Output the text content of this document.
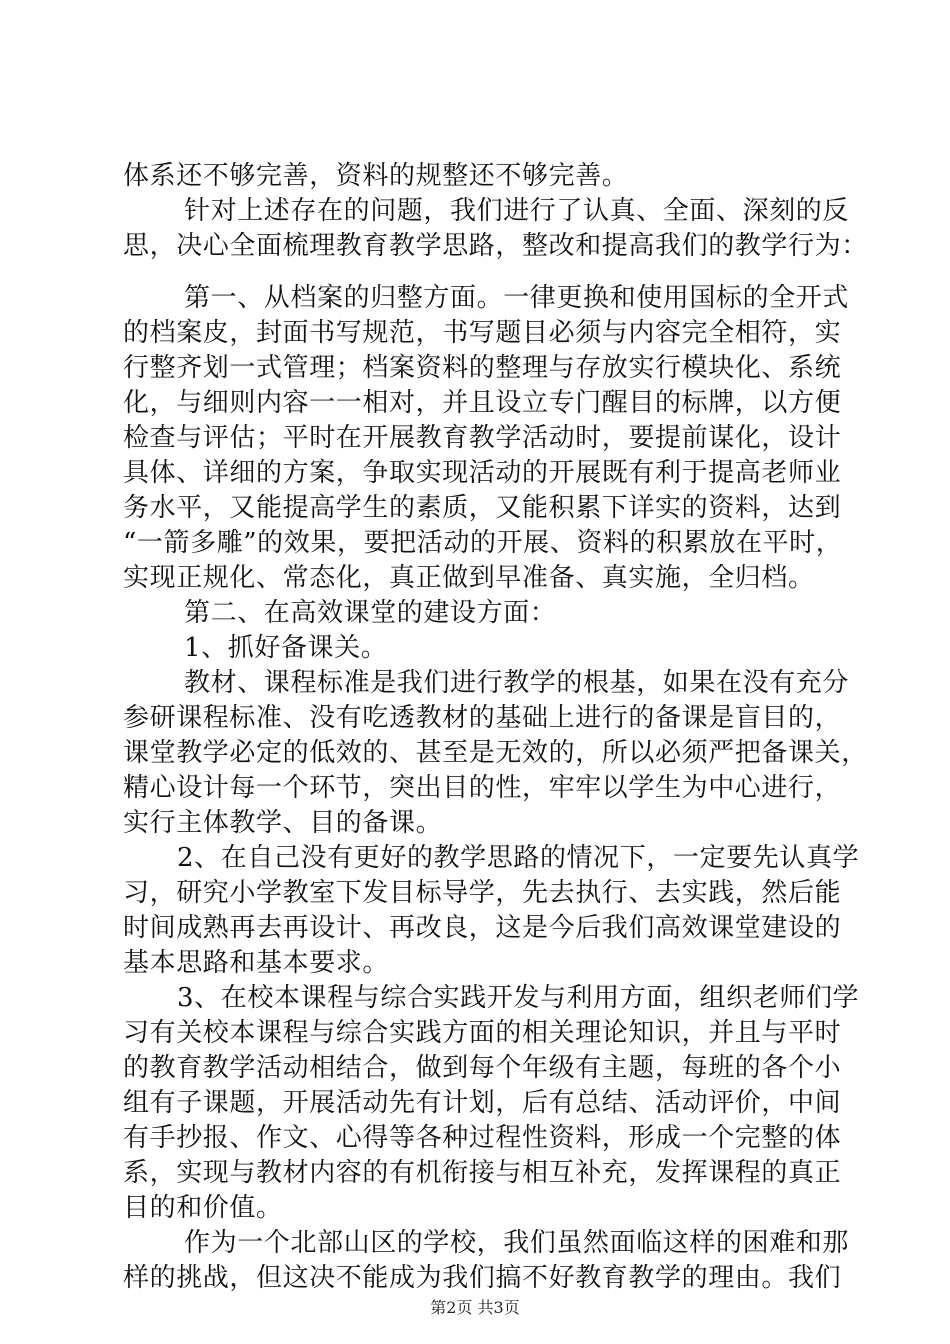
体系还不够完善，资料的规整还不够完善。
针对上述存在的问题，我们进行了认真、全面、深刻的反
思，决心全面梳理教育教学思路，整改和提高我们的教学行为：
第一、从档案的归整方面。一律更换和使用国标的全开式
的档案皮，封面书写规范，书写题目必须与内容完全相符，实
行整齐划一式管理；档案资料的整理与存放实行模块化、系统
化，与细则内容一一相对，并且设立专门醒目的标牌，以方便
检查与评估；平时在开展教育教学活动时，要提前谋化，设计
具体、详细的方案，争取实现活动的开展既有利于提高老师业
务水平，又能提高学生的素质，又能积累下详实的资料，达到
“一箭多雕”的效果，要把活动的开展、资料的积累放在平时，
实现正规化、常态化，真正做到早准备、真实施，全归档。
第二、在高效课堂的建设方面：
1、抓好备课关。
教材、课程标准是我们进行教学的根基，如果在没有充分
参研课程标准、没有吃透教材的基础上进行的备课是盲目的，
课堂教学必定的低效的、甚至是无效的，所以必须严把备课关，
精心设计每一个环节，突出目的性，牢牢以学生为中心进行，
实行主体教学、目的备课。
2、在自己没有更好的教学思路的情况下，一定要先认真学
习，研究小学教室下发目标导学，先去执行、去实践，然后能
时间成熟再去再设计、再改良，这是今后我们高效课堂建设的
基本思路和基本要求。
3、在校本课程与综合实践开发与利用方面，组织老师们学
习有关校本课程与综合实践方面的相关理论知识，并且与平时
的教育教学活动相结合，做到每个年级有主题，每班的各个小
组有子课题，开展活动先有计划，后有总结、活动评价，中间
有手抄报、作文、心得等各种过程性资料，形成一个完整的体
系，实现与教材内容的有机衔接与相互补充，发挥课程的真正
目的和价值。
作为一个北部山区的学校，我们虽然面临这样的困难和那
样的挑战，但这决不能成为我们搞不好教育教学的理由。我们
第2页 共3页
